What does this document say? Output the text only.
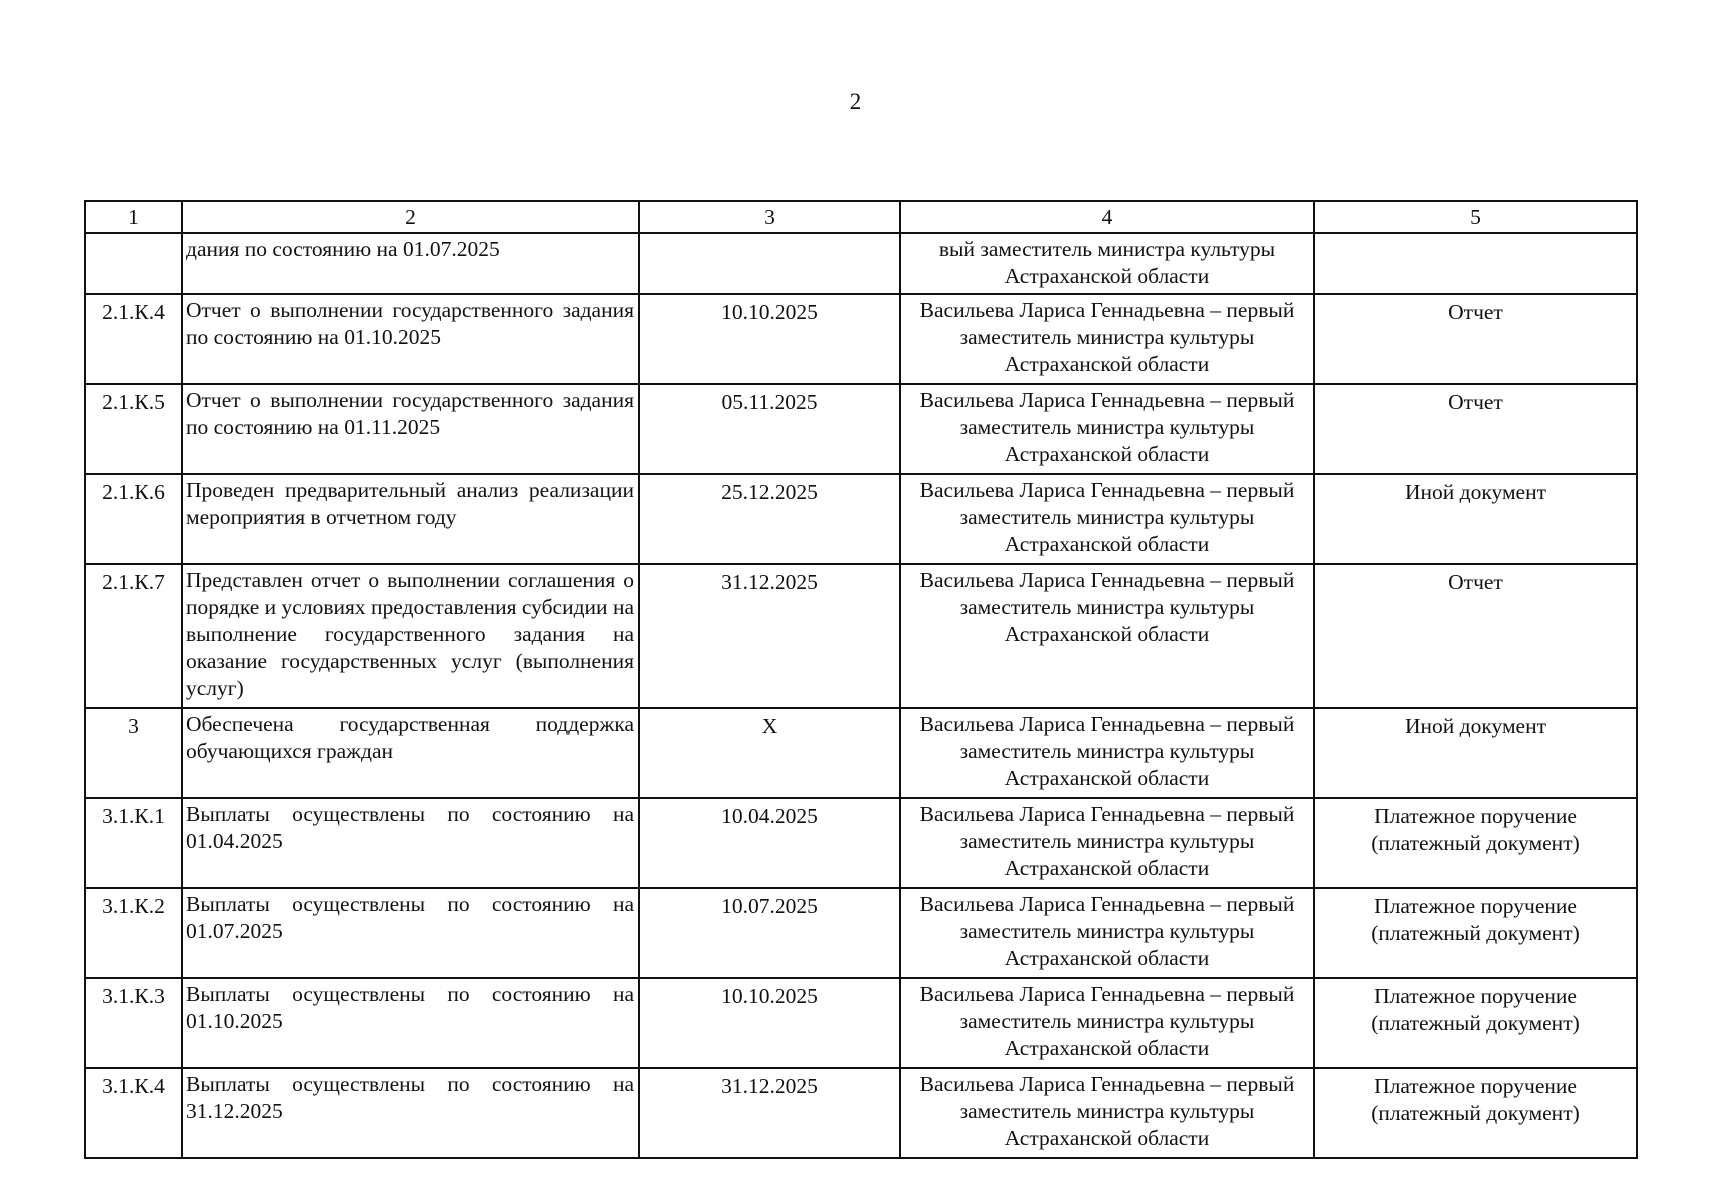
2
1	2	3	4	5
	дания по состоянию на 01.07.2025		вый заместитель министра культуры Астраханской области	
2.1.К.4	Отчет о выполнении государственного задания по состоянию на 01.10.2025	10.10.2025	Васильева Лариса Геннадьевна – первый заместитель министра культуры Астраханской области	Отчет
2.1.К.5	Отчет о выполнении государственного задания по состоянию на 01.11.2025	05.11.2025	Васильева Лариса Геннадьевна – первый заместитель министра культуры Астраханской области	Отчет
2.1.К.6	Проведен предварительный анализ реализации мероприятия в отчетном году	25.12.2025	Васильева Лариса Геннадьевна – первый заместитель министра культуры Астраханской области	Иной документ
2.1.К.7	Представлен отчет о выполнении соглашения о порядке и условиях предоставления субсидии на выполнение государственного задания на оказание государственных услуг (выполнения услуг)	31.12.2025	Васильева Лариса Геннадьевна – первый заместитель министра культуры Астраханской области	Отчет
3	Обеспечена государственная поддержка обучающихся граждан	X	Васильева Лариса Геннадьевна – первый заместитель министра культуры Астраханской области	Иной документ
3.1.К.1	Выплаты осуществлены по состоянию на 01.04.2025	10.04.2025	Васильева Лариса Геннадьевна – первый заместитель министра культуры Астраханской области	Платежное поручение (платежный документ)
3.1.К.2	Выплаты осуществлены по состоянию на 01.07.2025	10.07.2025	Васильева Лариса Геннадьевна – первый заместитель министра культуры Астраханской области	Платежное поручение (платежный документ)
3.1.К.3	Выплаты осуществлены по состоянию на 01.10.2025	10.10.2025	Васильева Лариса Геннадьевна – первый заместитель министра культуры Астраханской области	Платежное поручение (платежный документ)
3.1.К.4	Выплаты осуществлены по состоянию на 31.12.2025	31.12.2025	Васильева Лариса Геннадьевна – первый заместитель министра культуры Астраханской области	Платежное поручение (платежный документ)
